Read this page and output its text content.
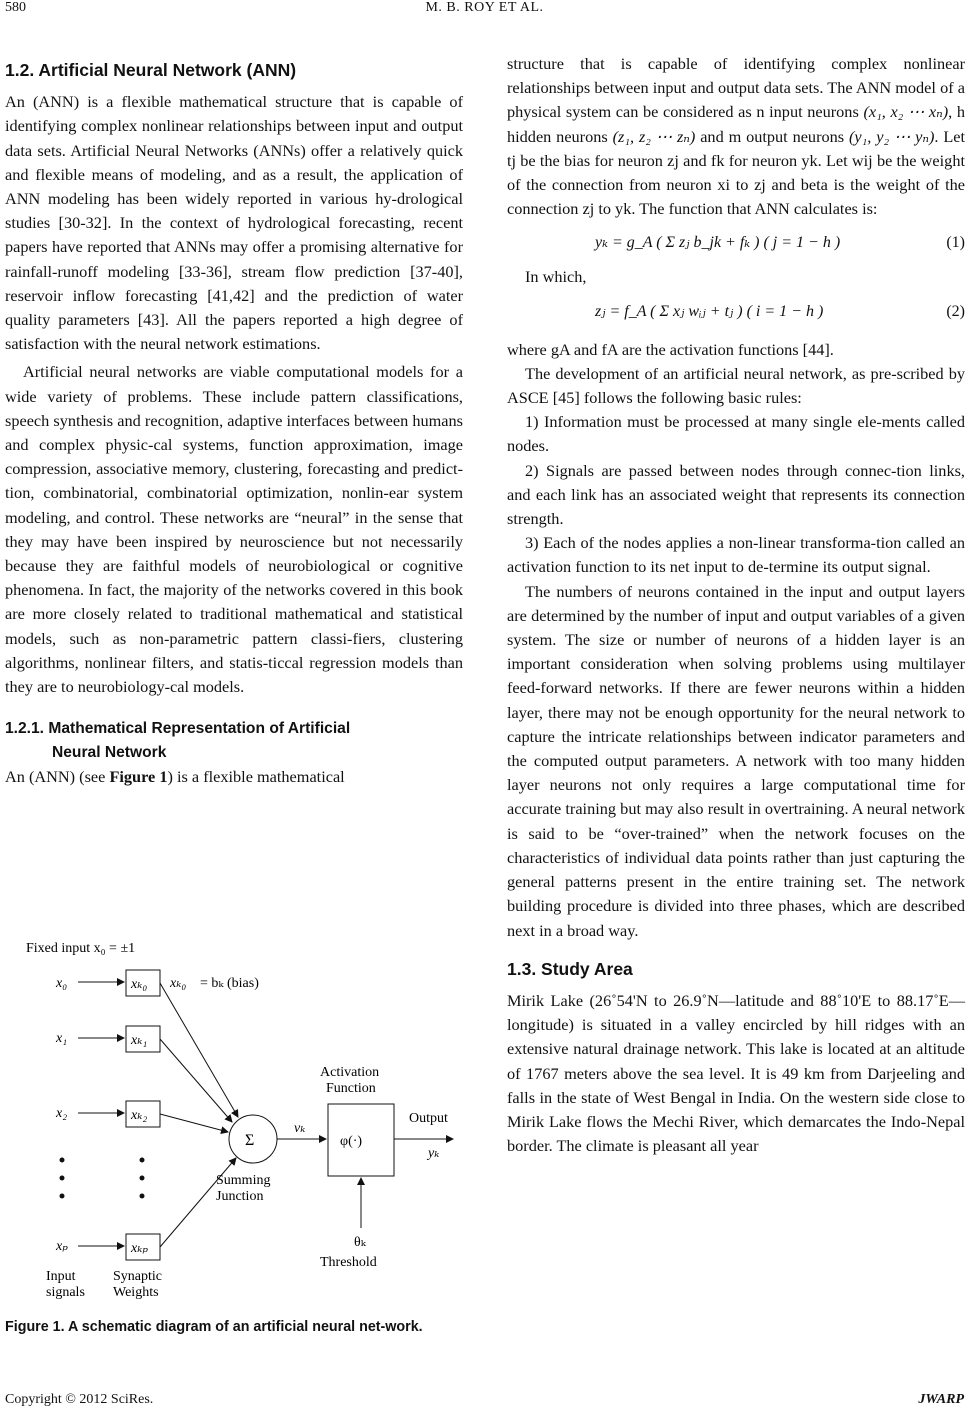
580	M. B. ROY ET AL.
1.2. Artificial Neural Network (ANN)

An (ANN) is a flexible mathematical structure that is capable of identifying complex nonlinear relationships between input and output data sets. Artificial Neural Networks (ANNs) offer a relatively quick and flexible means of modeling, and as a result, the application of ANN modeling has been widely reported in various hy-drological studies [30-32]. In the context of hydrological forecasting, recent papers have reported that ANNs may offer a promising alternative for rainfall-runoff modeling [33-36], stream flow prediction [37-40], reservoir inflow forecasting [41,42] and the prediction of water quality parameters [43]. All the papers reported a high degree of satisfaction with the neural network estimations.

Artificial neural networks are viable computational models for a wide variety of problems. These include pattern classifications, speech synthesis and recognition, adaptive interfaces between humans and complex physic-cal systems, function approximation, image compression, associative memory, clustering, forecasting and predict-tion, combinatorial, combinatorial optimization, nonlin-ear system modeling, and control. These networks are “neural” in the sense that they may have been inspired by neuroscience but not necessarily because they are faithful models of neurobiological or cognitive phenomena. In fact, the majority of the networks covered in this book are more closely related to traditional mathematical and statistical models, such as non-parametric pattern classi-fiers, clustering algorithms, nonlinear filters, and statis-ticcal regression models than they are to neurobiology-cal models.

1.2.1. Mathematical Representation of Artificial
Neural Network

An (ANN) (see Figure 1) is a flexible mathematical

Fixed input x₀ = ±1
x₀
x₁
x₂
xₚ
xₖ₀
xₖ₁
xₖ₂
xₖₚ
xₖ₀ = bₖ (bias)
Σ
Summing
Junction
vₖ
Activation
Function
φ(·)
Output
yₖ
θₖ
Threshold
Input
signals
Synaptic
Weights
Figure 1. A schematic diagram of an artificial neural net-work.

structure that is capable of identifying complex nonlinear relationships between input and output data sets. The ANN model of a physical system can be considered as n input neurons (x₁, x₂ ⋯ xₙ), h hidden neurons (z₁, z₂ ⋯ zₙ) and m output neurons (y₁, y₂ ⋯ yₙ). Let tj be the bias for neuron zj and fk for neuron yk. Let wij be the weight of the connection from neuron xi to zj and beta is the weight of the connection zj to yk. The function that ANN calculates is:

yₖ = g_A ( Σ zⱼ b_jk + fₖ ) ( j = 1 − h )	(1)

In which,

zⱼ = f_A ( Σ xⱼ wᵢⱼ + tⱼ ) ( i = 1 − h )	(2)

where gA and fA are the activation functions [44].

The development of an artificial neural network, as pre-scribed by ASCE [45] follows the following basic rules:

1) Information must be processed at many single ele-ments called nodes.

2) Signals are passed between nodes through connec-tion links, and each link has an associated weight that represents its connection strength.

3) Each of the nodes applies a non-linear transforma-tion called an activation function to its net input to de-termine its output signal.

The numbers of neurons contained in the input and output layers are determined by the number of input and output variables of a given system. The size or number of neurons of a hidden layer is an important consideration when solving problems using multilayer feed-forward networks. If there are fewer neurons within a hidden layer, there may not be enough opportunity for the neural network to capture the intricate relationships between indicator parameters and the computed output parameters. A network with too many hidden layer neurons not only requires a large computational time for accurate training but may also result in overtraining. A neural network is said to be “over-trained” when the network focuses on the characteristics of individual data points rather than just capturing the general patterns present in the entire training set. The network building procedure is divided into three phases, which are described next in a broad way.

1.3. Study Area

Mirik Lake (26˚54'N to 26.9˚N—latitude and 88˚10'E to 88.17˚E—longitude) is situated in a valley encircled by hill ridges with an extensive natural drainage network. This lake is located at an altitude of 1767 meters above the sea level. It is 49 km from Darjeeling and falls in the state of West Bengal in India. On the western side close to Mirik Lake flows the Mechi River, which demarcates the Indo-Nepal border. The climate is pleasant all year

Copyright © 2012 SciRes.	JWARP
